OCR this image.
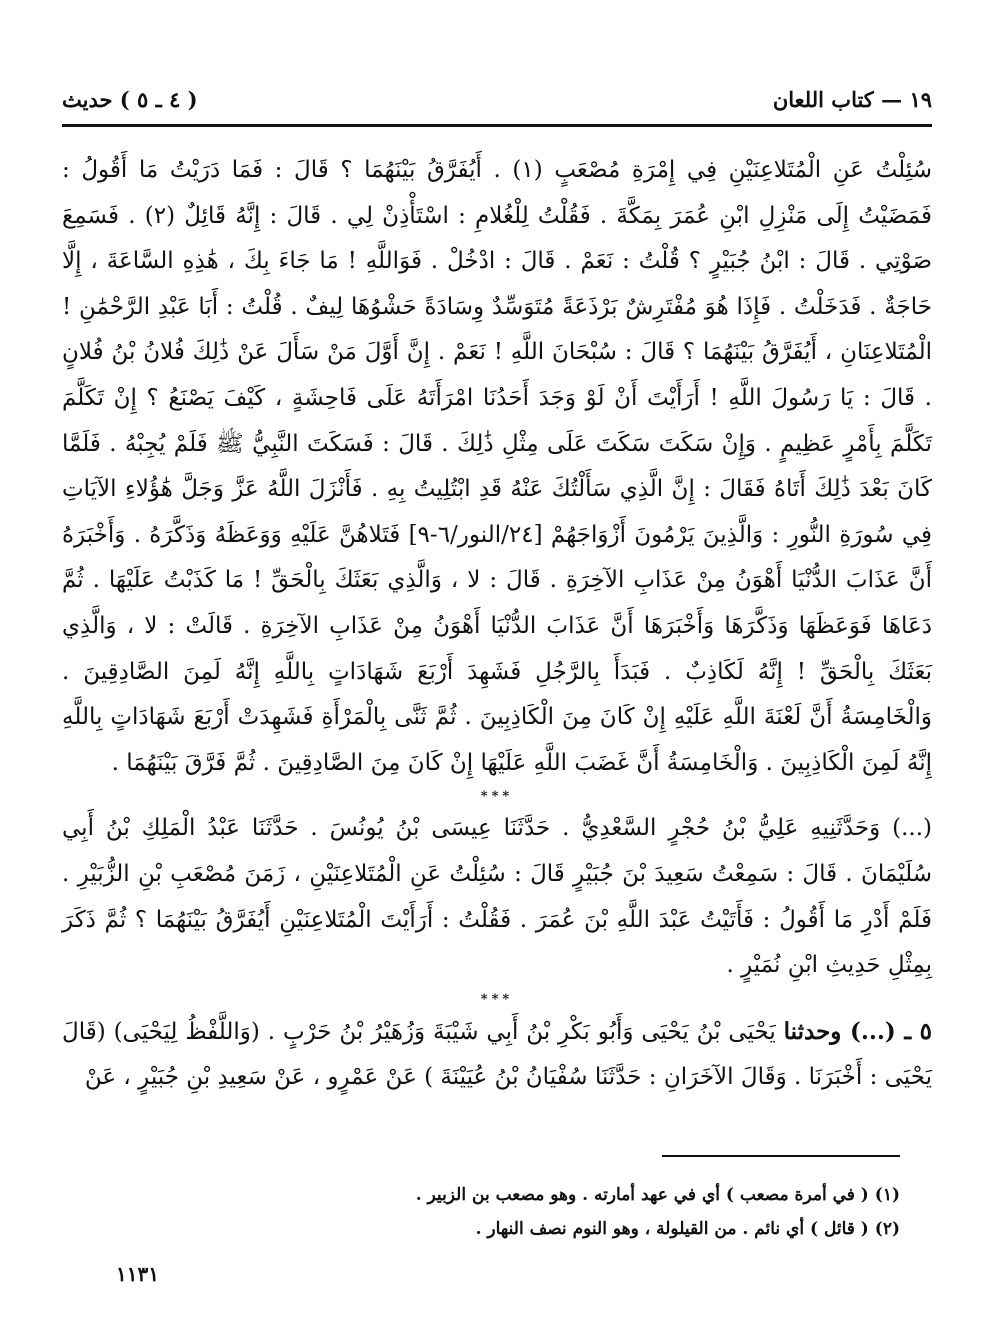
١٩ — كتاب اللعان
( ٤ ـ ٥ ) حديث

سُئِلْتُ عَنِ الْمُتَلاعِنَيْنِ فِي إِمْرَةِ مُصْعَبٍ (١) . أَيُفَرَّقُ بَيْنَهُمَا ؟ قَالَ : فَمَا دَرَيْتُ مَا أَقُولُ : فَمَضَيْتُ إِلَى مَنْزِلِ ابْنِ عُمَرَ بِمَكَّةَ . فَقُلْتُ لِلْغُلامِ : اسْتَأْذِنْ لِي . قَالَ : إِنَّهُ قَائِلٌ (٢) . فَسَمِعَ صَوْتِي . قَالَ : ابْنُ جُبَيْرٍ ؟ قُلْتُ : نَعَمْ . قَالَ : ادْخُلْ . فَوَاللَّهِ ! مَا جَاءَ بِكَ ، هَٰذِهِ السَّاعَةَ ، إِلَّا حَاجَةٌ . فَدَخَلْتُ . فَإِذَا هُوَ مُفْتَرِشٌ بَرْذَعَةً مُتَوَسِّدٌ وِسَادَةً حَشْوُهَا لِيفٌ . قُلْتُ : أَبَا عَبْدِ الرَّحْمَٰنِ ! الْمُتَلاعِنَانِ ، أَيُفَرَّقُ بَيْنَهُمَا ؟ قَالَ : سُبْحَانَ اللَّهِ ! نَعَمْ . إِنَّ أَوَّلَ مَنْ سَأَلَ عَنْ ذَٰلِكَ فُلانُ بْنُ فُلانٍ . قَالَ : يَا رَسُولَ اللَّهِ ! أَرَأَيْتَ أَنْ لَوْ وَجَدَ أَحَدُنَا امْرَأَتَهُ عَلَى فَاحِشَةٍ ، كَيْفَ يَصْنَعُ ؟ إِنْ تَكَلَّمَ تَكَلَّمَ بِأَمْرٍ عَظِيمٍ . وَإِنْ سَكَتَ سَكَتَ عَلَى مِثْلِ ذَٰلِكَ . قَالَ : فَسَكَتَ النَّبِيُّ ﷺ فَلَمْ يُجِبْهُ . فَلَمَّا كَانَ بَعْدَ ذَٰلِكَ أَتَاهُ فَقَالَ : إِنَّ الَّذِي سَأَلْتُكَ عَنْهُ قَدِ ابْتُلِيتُ بِهِ . فَأَنْزَلَ اللَّهُ عَزَّ وَجَلَّ هَٰؤُلاءِ الآيَاتِ فِي سُورَةِ النُّورِ : وَالَّذِينَ يَرْمُونَ أَزْوَاجَهُمْ [٢٤/النور/٦-٩] فَتَلاهُنَّ عَلَيْهِ وَوَعَظَهُ وَذَكَّرَهُ . وَأَخْبَرَهُ أَنَّ عَذَابَ الدُّنْيَا أَهْوَنُ مِنْ عَذَابِ الآخِرَةِ . قَالَ : لا ، وَالَّذِي بَعَثَكَ بِالْحَقِّ ! مَا كَذَبْتُ عَلَيْهَا . ثُمَّ دَعَاهَا فَوَعَظَهَا وَذَكَّرَهَا وَأَخْبَرَهَا أَنَّ عَذَابَ الدُّنْيَا أَهْوَنُ مِنْ عَذَابِ الآخِرَةِ . قَالَتْ : لا ، وَالَّذِي بَعَثَكَ بِالْحَقِّ ! إِنَّهُ لَكَاذِبٌ . فَبَدَأَ بِالرَّجُلِ فَشَهِدَ أَرْبَعَ شَهَادَاتٍ بِاللَّهِ إِنَّهُ لَمِنَ الصَّادِقِينَ . وَالْخَامِسَةُ أَنَّ لَعْنَةَ اللَّهِ عَلَيْهِ إِنْ كَانَ مِنَ الْكَاذِبِينَ . ثُمَّ ثَنَّى بِالْمَرْأَةِ فَشَهِدَتْ أَرْبَعَ شَهَادَاتٍ بِاللَّهِ إِنَّهُ لَمِنَ الْكَاذِبِينَ . وَالْخَامِسَةُ أَنَّ غَضَبَ اللَّهِ عَلَيْهَا إِنْ كَانَ مِنَ الصَّادِقِينَ . ثُمَّ فَرَّقَ بَيْنَهُمَا .

***

(...) وَحَدَّثَنِيهِ عَلِيُّ بْنُ حُجْرٍ السَّعْدِيُّ . حَدَّثَنَا عِيسَى بْنُ يُونُسَ . حَدَّثَنَا عَبْدُ الْمَلِكِ بْنُ أَبِي سُلَيْمَانَ . قَالَ : سَمِعْتُ سَعِيدَ بْنَ جُبَيْرٍ قَالَ : سُئِلْتُ عَنِ الْمُتَلاعِنَيْنِ ، زَمَنَ مُصْعَبِ بْنِ الزُّبَيْرِ . فَلَمْ أَدْرِ مَا أَقُولُ : فَأَتَيْتُ عَبْدَ اللَّهِ بْنَ عُمَرَ . فَقُلْتُ : أَرَأَيْتَ الْمُتَلاعِنَيْنِ أَيُفَرَّقُ بَيْنَهُمَا ؟ ثُمَّ ذَكَرَ بِمِثْلِ حَدِيثِ ابْنِ نُمَيْرٍ .

***

٥ ـ (...) وحدثنا يَحْيَى بْنُ يَحْيَى وَأَبُو بَكْرِ بْنُ أَبِي شَيْبَةَ وَزُهَيْرُ بْنُ حَرْبٍ . (وَاللَّفْظُ لِيَحْيَى) (قَالَ يَحْيَى : أَخْبَرَنَا . وَقَالَ الآخَرَانِ : حَدَّثَنَا سُفْيَانُ بْنُ عُيَيْنَةَ ) عَنْ عَمْرٍو ، عَنْ سَعِيدِ بْنِ جُبَيْرٍ ، عَنْ

(١) ( في أمرة مصعب ) أي في عهد أمارته . وهو مصعب بن الزبير .

(٢) ( قائل ) أي نائم . من القيلولة ، وهو النوم نصف النهار .

١١٣١
